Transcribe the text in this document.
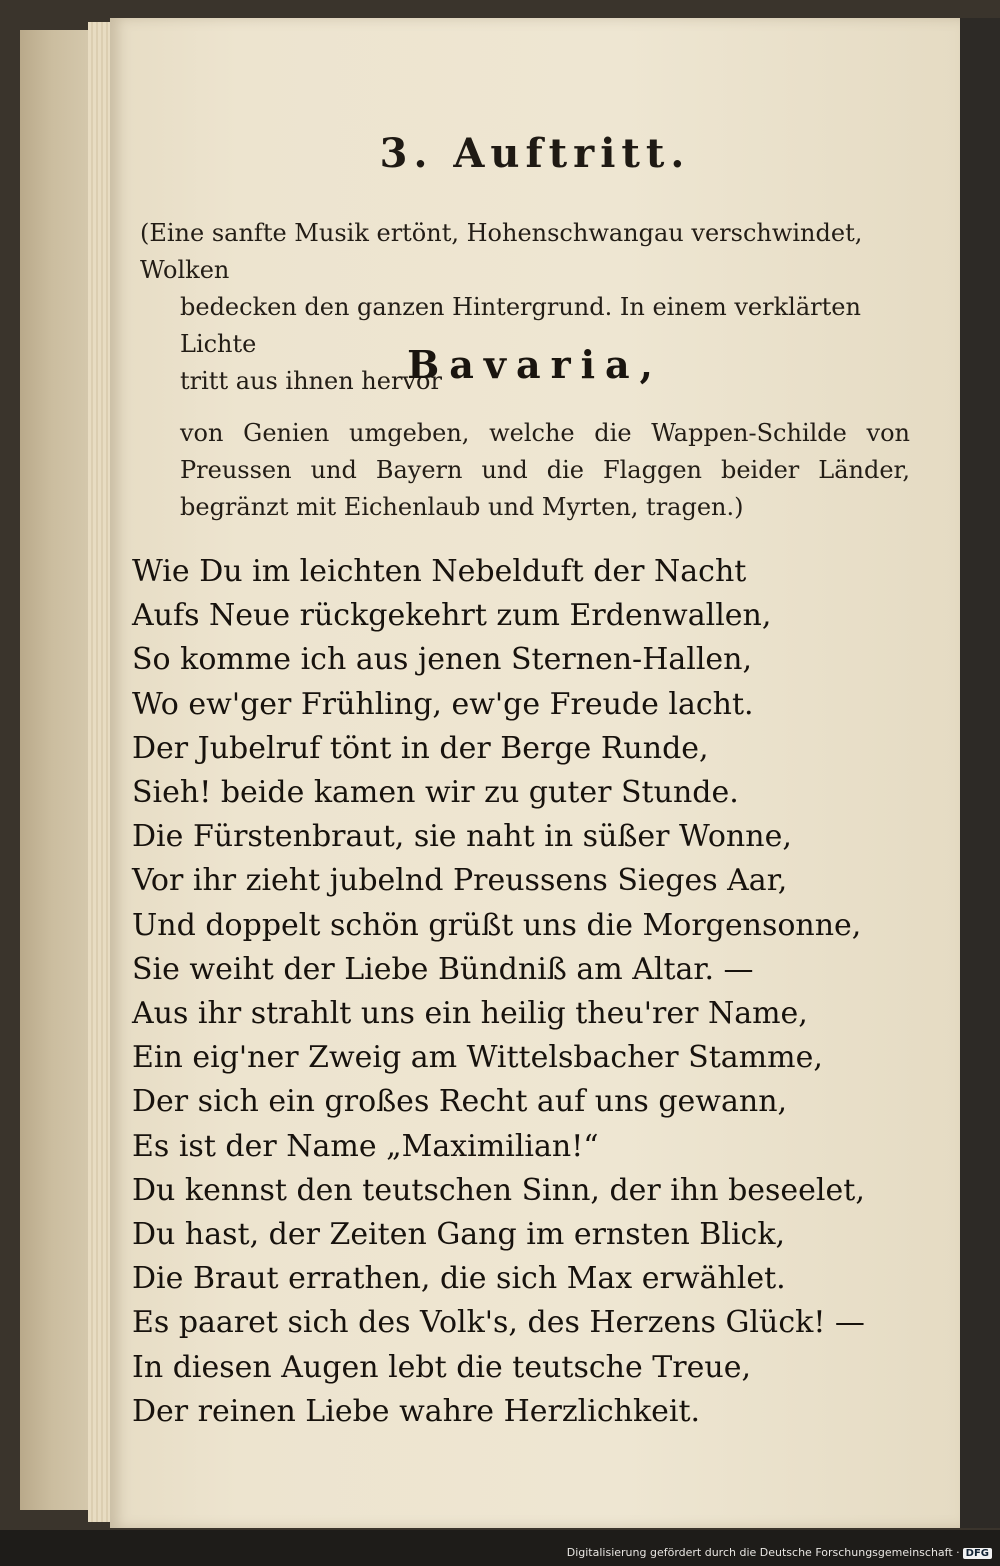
3. Auftritt.
(Eine sanfte Musik ertönt, Hohenschwangau verschwindet, Wolken
bedecken den ganzen Hintergrund. In einem verklärten Lichte
tritt aus ihnen hervor
Bavaria,
von Genien umgeben, welche die Wappen-Schilde von Preussen und Bayern und die Flaggen beider Länder, begränzt mit Eichenlaub und Myrten, tragen.)
Wie Du im leichten Nebelduft der Nacht
Aufs Neue rückgekehrt zum Erdenwallen,
So komme ich aus jenen Sternen-Hallen,
Wo ew'ger Frühling, ew'ge Freude lacht.
Der Jubelruf tönt in der Berge Runde,
Sieh! beide kamen wir zu guter Stunde.
Die Fürstenbraut, sie naht in süßer Wonne,
Vor ihr zieht jubelnd Preussens Sieges Aar,
Und doppelt schön grüßt uns die Morgensonne,
Sie weiht der Liebe Bündniß am Altar. —
Aus ihr strahlt uns ein heilig theu'rer Name,
Ein eig'ner Zweig am Wittelsbacher Stamme,
Der sich ein großes Recht auf uns gewann,
Es ist der Name „Maximilian!“
Du kennst den teutschen Sinn, der ihn beseelet,
Du hast, der Zeiten Gang im ernsten Blick,
Die Braut errathen, die sich Max erwählet.
Es paaret sich des Volk's, des Herzens Glück! —
In diesen Augen lebt die teutsche Treue,
Der reinen Liebe wahre Herzlichkeit.
Digitalisierung gefördert durch die Deutsche Forschungsgemeinschaft · DFG
